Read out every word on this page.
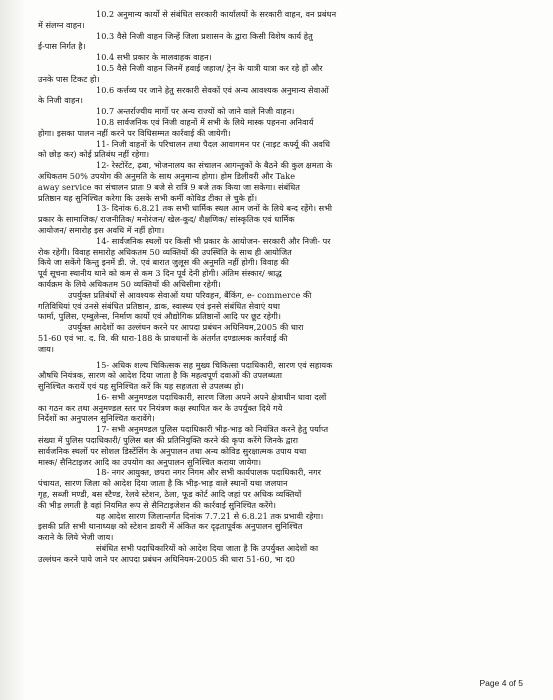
10.2 अनुमान्य कार्यो से संबंधित सरकारी कार्यालयों के सरकारी वाहन, वन प्रबंधन
में संलग्न वाहन।
10.3 वैसे निजी वाहन जिन्हें जिला प्रशासन के द्वारा किसी विशेष कार्य हेतु
ई-पास निर्गत है।
10.4 सभी प्रकार के मालवाहक वाहन।
10.5 वैसे निजी वाहन जिनमें हवाई जहाज/ ट्रेन के यात्री यात्रा कर रहे हों और
उनके पास टिकट हो।
10.6 कर्त्तव्य पर जाने हेतु सरकारी सेवकों एवं अन्य आवश्यक अनुमान्य सेवाओं
के निजी वाहन।
10.7 अन्तर्राज्यीय मार्गो पर अन्य राज्यों को जाने वाले निजी वाहन।
10.8 सार्वजनिक एवं निजी वाहनों में सभी के लिये मास्क पहनना अनिवार्य
होगा। इसका पालन नहीं करने पर विधिसम्मत कार्रवाई की जायेगी।
11- निजी वाहनों के परिचालन तथा पैदल आवागमन पर (नाइट कर्फ्यू की अवधि
को छोड़ कर) कोई प्रतिबंध नहीं रहेगा।
12- रेस्टोरेंट, ढ़बा, भोजनालय का संचालन आगन्तुकों के बैठने की कुल क्षमता के
अधिकतम 50% उपयोग की अनुमति के साथ अनुमान्य होगा। होम डिलीवरी और Take
away service का संचालन प्रातः 9 बजे से रात्रि 9 बजे तक किया जा सकेगा। संबंधित
प्रतिष्ठान यह सुनिश्चित करेगा कि उसके सभी कर्मी कोविड टीका ले चुके हों।
13- दिनांक 6.8.21 तक सभी धार्मिक स्थल आम जनों के लिये बन्द रहेंगे। सभी
प्रकार के सामाजिक/ राजनीतिक/ मनोरंजन/ खेल-कूद/ शैक्षणिक/ सांस्कृतिक एवं धार्मिक
आयोजन/ समारोह इस अवधि में नहीं होगा।
14- सार्वजनिक स्थलों पर किसी भी प्रकार के आयोजन- सरकारी और निजी- पर
रोक रहेगी। विवाह समारोह अधिकतम 50 व्यक्तियों की उपस्थिति के साथ ही आयोजित
किये जा सकेंगे किन्तु इनमें डी. जे. एवं बारात जुलूस की अनुमति नहीं होगी। विवाह की
पूर्व सूचना स्थानीय थाने को कम से कम 3 दिन पूर्व देनी होगी। अंतिम संस्कार/ श्राद्ध
कार्यक्रम के लिये अधिकतम 50 व्यक्तियों की अधिसीमा रहेगी।
उपर्युक्त प्रतिबंधों से आवश्यक सेवाओं यथा परिवहन, बैंकिंग, e- commerce की
गतिविधियां एवं उनसे संबंधित प्रतिष्ठान, डाक, स्वास्थ्य एवं इनसे संबंधित सेवाएं यथा
फार्मा, पुलिस, एम्बुलेन्स, निर्माण कार्यो एवं औद्योगिक प्रतिष्ठानों आदि पर छूट रहेगी।
उपर्युक्त आदेशों का उल्लंघन करने पर आपदा प्रबंधन अधिनियम,2005 की धारा
51-60 एवं भा. द. वि. की धारा-188 के प्रावधानों के अंतर्गत दण्डात्मक कार्रवाई की
जाय।
15- अधिक शल्य चिकित्सक सह मुख्य चिकित्सा पदाधिकारी, सारण एवं सहायक
औषधि नियंत्रक, सारण को आदेश दिया जाता है कि महत्वपूर्ण दवाओं की उपलब्धता
सुनिश्चित करायें एवं यह सुनिश्चित करें कि यह सहजता से उपलब्ध हो।
16- सभी अनुमण्डल पदाधिकारी, सारण जिला अपने अपने क्षेत्राधीन धावा दलों
का गठन कर तथा अनुमण्डल स्तर पर नियंत्रण कक्ष स्थापित कर के उपर्युक्त दिये गये
निर्देशों का अनुपालन सुनिश्चित करावेंगे।
17- सभी अनुमण्डल पुलिस पदाधिकारी भीड़-भाड़ को नियंत्रित करने हेतु पर्याप्त
संख्या में पुलिस पदाधिकारी/ पुलिस बल की प्रतिनियुक्ति करने की कृपा करेंगे जिनके द्वारा
सार्वजनिक स्थलों पर सोशल डिस्टेंसिंग के अनुपालन तथा अन्य कोविड सुरक्षात्मक उपाय यथा
मास्क/ सैनिटाइजर आदि का उपयोग का अनुपालन सुनिश्चित कराया जायेगा।
18- नगर आयुक्त, छपरा नगर निगम और सभी कार्यपालक पदाधिकारी, नगर
पंचायत, सारण जिला को आदेश दिया जाता है कि भीड़-भाड़ वाले स्थानों यथा जलपान
गृह, सब्जी मण्डी, बस स्टैण्ड, रेलवे स्टेशन, ठेला, फूड कोर्ट आदि जहां पर अधिक व्यक्तियों
की भीड़ लगती है वहां नियमित रूप से सैनिटाइजेशन की कार्रवाई सुनिश्चित करेंगे।
यह आदेश सारण जिलान्तर्गत दिनांक 7.7.21 से 6.8.21 तक प्रभावी रहेगा।
इसकी प्रति सभी थानाध्यक्ष को स्टेशन डायरी में अंकित कर दृढ़तापूर्वक अनुपालन सुनिश्चित
कराने के लिये भेजी जाय।
संबंधित सभी पदाधिकारियों को आदेश दिया जाता है कि उपर्युक्त आदेशों का
उल्लंघन करने पाये जाने पर आपदा प्रबंधन अधिनियम-2005 की धारा 51-60, भा द0
Page 4 of 5
